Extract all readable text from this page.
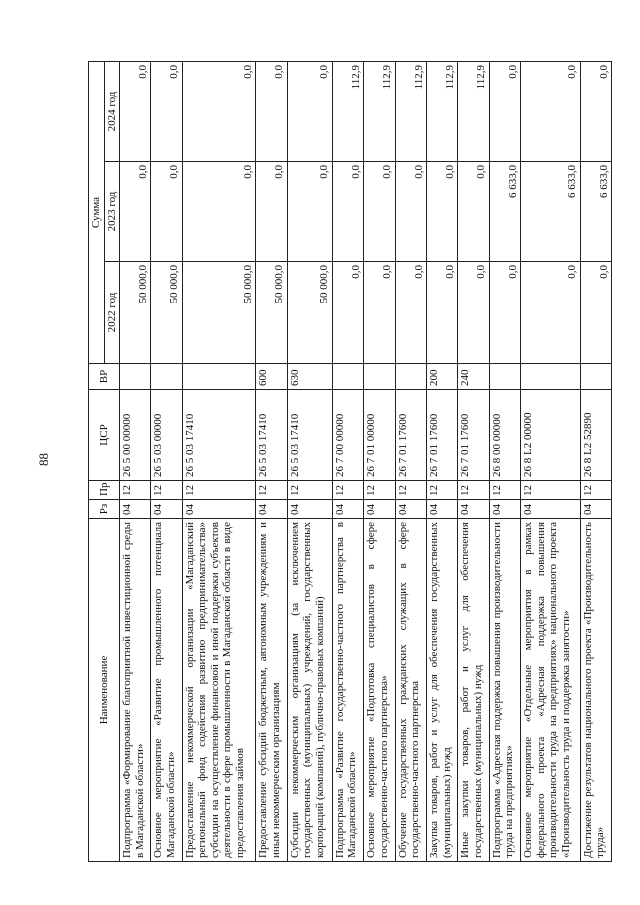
88
Наименование	Рз	Пр	ЦСР	ВР	Сумма		
					2022 год	2023 год	2024 год
Подпрограмма «Формирование благоприятной инвестиционной среды в Магаданской области»	04	12	26 5 00 00000		50 000,0	0,0	0,0
Основное мероприятие «Развитие промышленного потенциала Магаданской области»	04	12	26 5 03 00000		50 000,0	0,0	0,0
Предоставление некоммерческой организации «Магаданский региональный фонд содействия развитию предпринимательства» субсидии на осуществление финансовой и иной поддержки субъектов деятельности в сфере промышленности в Магаданской области в виде предоставления займов	04	12	26 5 03 17410		50 000,0	0,0	0,0
Предоставление субсидий бюджетным, автономным учреждениям и иным некоммерческим организациям	04	12	26 5 03 17410	600	50 000,0	0,0	0,0
Субсидии некоммерческим организациям (за исключением государственных (муниципальных) учреждений, государственных корпораций (компаний), публично-правовых компаний)	04	12	26 5 03 17410	630	50 000,0	0,0	0,0
Подпрограмма «Развитие государственно-частного партнерства в Магаданской области»	04	12	26 7 00 00000		0,0	0,0	112,9
Основное мероприятие «Подготовка специалистов в сфере государственно-частного партнерства»	04	12	26 7 01 00000		0,0	0,0	112,9
Обучение государственных гражданских служащих в сфере государственно-частного партнерства	04	12	26 7 01 17600		0,0	0,0	112,9
Закупка товаров, работ и услуг для обеспечения государственных (муниципальных) нужд	04	12	26 7 01 17600	200	0,0	0,0	112,9
Иные закупки товаров, работ и услуг для обеспечения государственных (муниципальных) нужд	04	12	26 7 01 17600	240	0,0	0,0	112,9
Подпрограмма «Адресная поддержка повышения производительности труда на предприятиях»	04	12	26 8 00 00000		0,0	6 633,0	0,0
Основное мероприятие «Отдельные мероприятия в рамках федерального проекта «Адресная поддержка повышения производительности труда на предприятиях» национального проекта «Производительность труда и поддержка занятости»	04	12	26 8 L2 00000		0,0	6 633,0	0,0
Достижение результатов национального проекта «Производительность труда»	04	12	26 8 L2 52890		0,0	6 633,0	0,0
